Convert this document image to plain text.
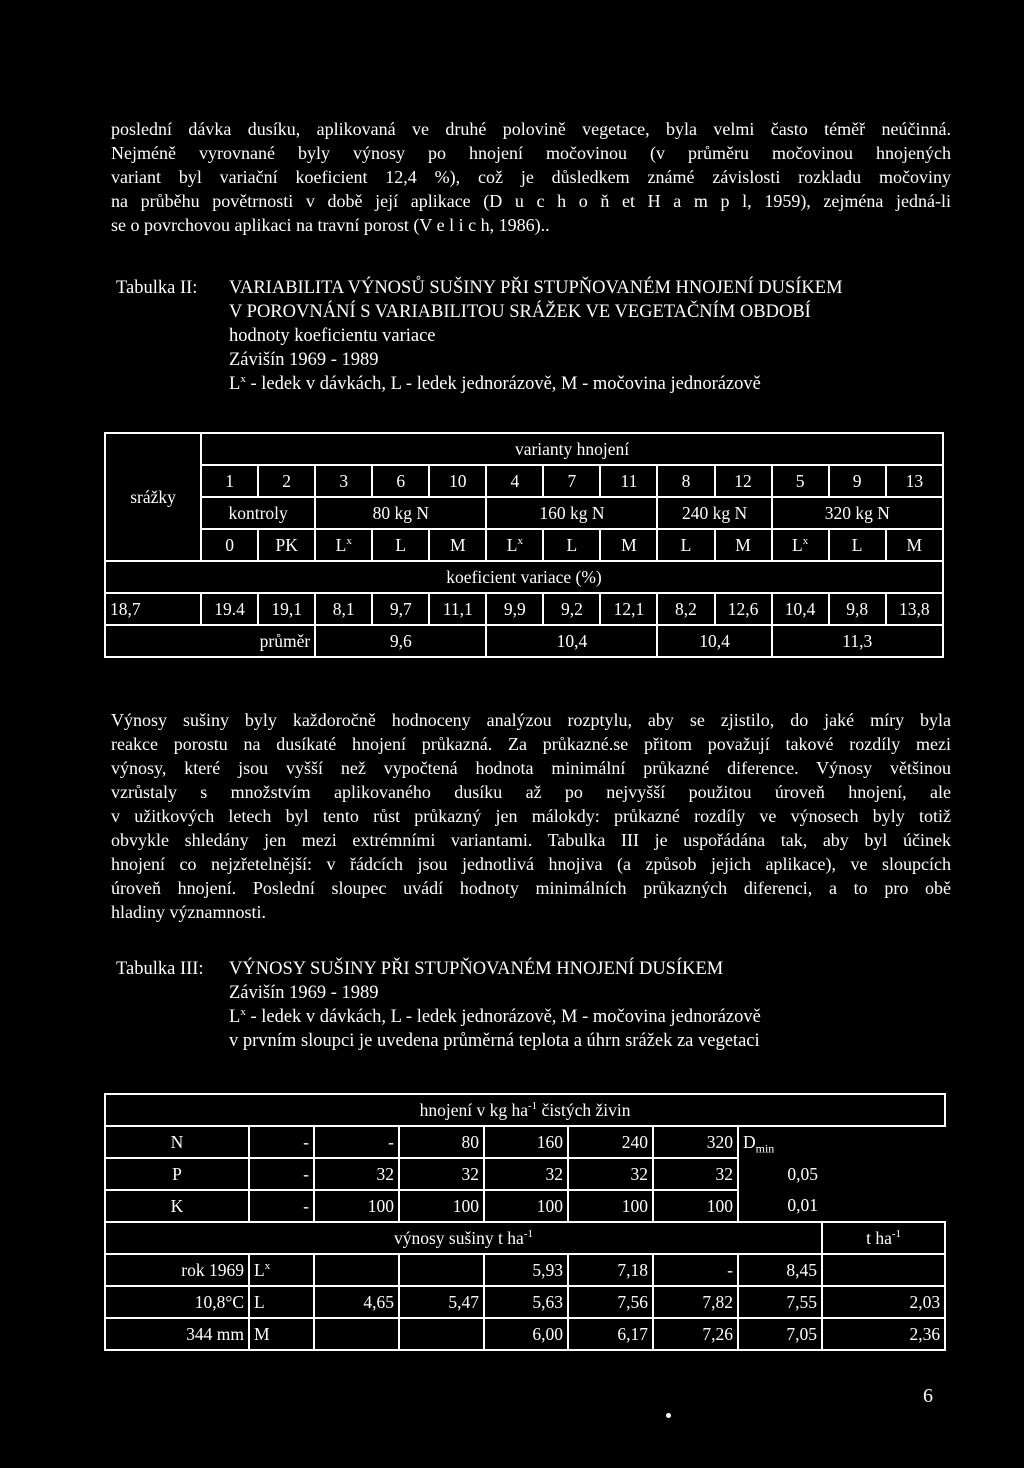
poslední dávka dusíku, aplikovaná ve druhé polovině vegetace, byla velmi často téměř neúčinná.
Nejméně vyrovnané byly výnosy po hnojení močovinou (v průměru močovinou hnojených
variant byl variační koeficient 12,4 %), což je důsledkem známé závislosti rozkladu močoviny
na průběhu povětrnosti v době její aplikace (D u c h o ň et H a m p l, 1959), zejména jedná-li
se o povrchovou aplikaci na travní porost (V e l i c h, 1986)..
Tabulka II: VARIABILITA VÝNOSŮ SUŠINY PŘI STUPŇOVANÉM HNOJENÍ DUSÍKEM
V POROVNÁNÍ S VARIABILITOU SRÁŽEK VE VEGETAČNÍM OBDOBÍ
hodnoty koeficientu variace
Závišín 1969 - 1989
$L^x$ - ledek v dávkách, L - ledek jednorázově, M - močovina jednorázově
srážky	varianty hnojení												
	1	2	3	6	10	4	7	11	8	12	5	9	13
	kontroly		80 kg N			160 kg N			240 kg N		320 kg N		
	0	PK	$L^x$	L	M	$L^x$	L	M	L	M	$L^x$	L	M
koeficient variace (%)													
18,7	19.4	19,1	8,1	9,7	11,1	9,9	9,2	12,1	8,2	12,6	10,4	9,8	13,8
průměr			9,6			10,4			10,4		11,3		
Výnosy sušiny byly každoročně hodnoceny analýzou rozptylu, aby se zjistilo, do jaké míry byla
reakce porostu na dusíkaté hnojení průkazná. Za průkazné.se přitom považují takové rozdíly mezi
výnosy, které jsou vyšší než vypočtená hodnota minimální průkazné diference. Výnosy většinou
vzrůstaly s množstvím aplikovaného dusíku až po nejvyšší použitou úroveň hnojení, ale
v užitkových letech byl tento růst průkazný jen málokdy: průkazné rozdíly ve výnosech byly totiž
obvykle shledány jen mezi extrémními variantami. Tabulka III je uspořádána tak, aby byl účinek
hnojení co nejzřetelnější: v řádcích jsou jednotlivá hnojiva (a způsob jejich aplikace), ve sloupcích
úroveň hnojení. Poslední sloupec uvádí hodnoty minimálních průkazných diferenci, a to pro obě
hladiny významnosti.
Tabulka III: VÝNOSY SUŠINY PŘI STUPŇOVANÉM HNOJENÍ DUSÍKEM
Závišín 1969 - 1989
$L^x$ - ledek v dávkách, L - ledek jednorázově, M - močovina jednorázově
v prvním sloupci je uvedena průměrná teplota a úhrn srážek za vegetaci
hnojení v kg $ha^{-1}$ čistých živin								
N	-	-	80	160	240	320	$D_{min}$
P	-	32	32	32	32	32	0,05	
K	-	100	100	100	100	100	0,01	
výnosy sušiny t $ha^{-1}$								t $ha^{-1}$
rok 1969	$L^x$			5,93	7,18	-	8,45	
10,8°C	L	4,65	5,47	5,63	7,56	7,82	7,55	2,03
344 mm	M			6,00	6,17	7,26	7,05	2,36
6
